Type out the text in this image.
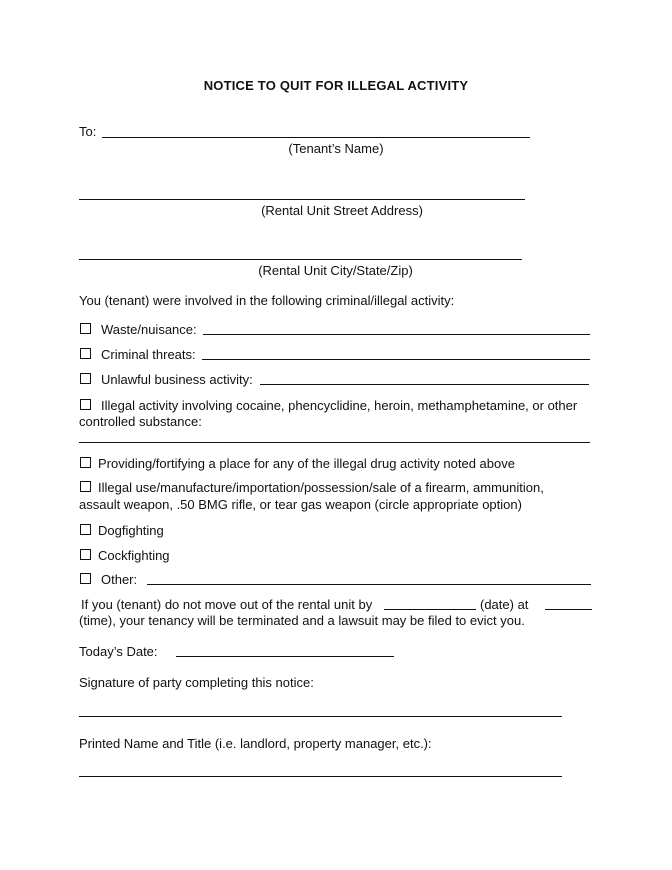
NOTICE TO QUIT FOR ILLEGAL ACTIVITY
To:
(Tenant’s Name)
(Rental Unit Street Address)
(Rental Unit City/State/Zip)
You (tenant) were involved in the following criminal/illegal activity:
Waste/nuisance:
Criminal threats:
Unlawful business activity:
Illegal activity involving cocaine, phencyclidine, heroin, methamphetamine, or other
controlled substance:
Providing/fortifying a place for any of the illegal drug activity noted above
Illegal use/manufacture/importation/possession/sale of a firearm, ammunition,
assault weapon, .50 BMG rifle, or tear gas weapon (circle appropriate option)
Dogfighting
Cockfighting
Other:
If you (tenant) do not move out of the rental unit by	(date) at
(time), your tenancy will be terminated and a lawsuit may be filed to evict you.
Today’s Date:
Signature of party completing this notice:
Printed Name and Title (i.e. landlord, property manager, etc.):
